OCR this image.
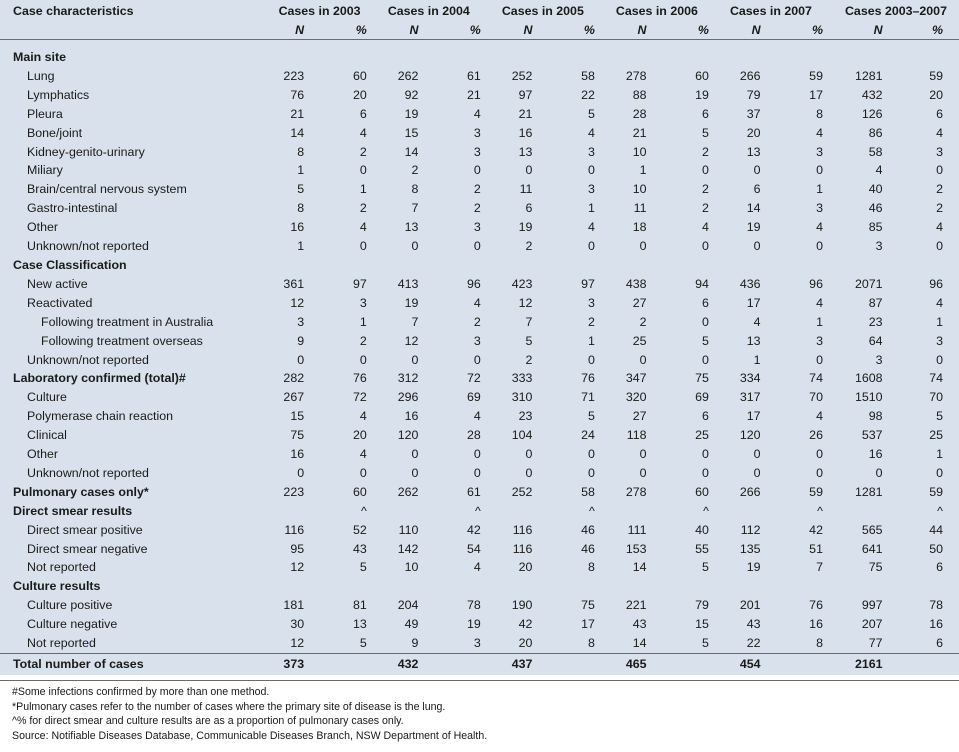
Case characteristics	Cases in 2003		Cases in 2004		Cases in 2005		Cases in 2006		Cases in 2007		Cases 2003–2007	
	N	%	N	%	N	%	N	%	N	%	N	%

Main site												
Lung	223	60	262	61	252	58	278	60	266	59	1281	59
Lymphatics	76	20	92	21	97	22	88	19	79	17	432	20
Pleura	21	6	19	4	21	5	28	6	37	8	126	6
Bone/joint	14	4	15	3	16	4	21	5	20	4	86	4
Kidney-genito-urinary	8	2	14	3	13	3	10	2	13	3	58	3
Miliary	1	0	2	0	0	0	1	0	0	0	4	0
Brain/central nervous system	5	1	8	2	11	3	10	2	6	1	40	2
Gastro-intestinal	8	2	7	2	6	1	11	2	14	3	46	2
Other	16	4	13	3	19	4	18	4	19	4	85	4
Unknown/not reported	1	0	0	0	2	0	0	0	0	0	3	0
Case Classification												
New active	361	97	413	96	423	97	438	94	436	96	2071	96
Reactivated	12	3	19	4	12	3	27	6	17	4	87	4
Following treatment in Australia	3	1	7	2	7	2	2	0	4	1	23	1
Following treatment overseas	9	2	12	3	5	1	25	5	13	3	64	3
Unknown/not reported	0	0	0	0	2	0	0	0	1	0	3	0
Laboratory confirmed (total)#	282	76	312	72	333	76	347	75	334	74	1608	74
Culture	267	72	296	69	310	71	320	69	317	70	1510	70
Polymerase chain reaction	15	4	16	4	23	5	27	6	17	4	98	5
Clinical	75	20	120	28	104	24	118	25	120	26	537	25
Other	16	4	0	0	0	0	0	0	0	0	16	1
Unknown/not reported	0	0	0	0	0	0	0	0	0	0	0	0
Pulmonary cases only*	223	60	262	61	252	58	278	60	266	59	1281	59
Direct smear results		^		^		^		^		^		^
Direct smear positive	116	52	110	42	116	46	111	40	112	42	565	44
Direct smear negative	95	43	142	54	116	46	153	55	135	51	641	50
Not reported	12	5	10	4	20	8	14	5	19	7	75	6
Culture results												
Culture positive	181	81	204	78	190	75	221	79	201	76	997	78
Culture negative	30	13	49	19	42	17	43	15	43	16	207	16
Not reported	12	5	9	3	20	8	14	5	22	8	77	6
Total number of cases	373		432		437		465		454		2161	
#Some infections confirmed by more than one method.
*Pulmonary cases refer to the number of cases where the primary site of disease is the lung.
^% for direct smear and culture results are as a proportion of pulmonary cases only.
Source: Notifiable Diseases Database, Communicable Diseases Branch, NSW Department of Health.
